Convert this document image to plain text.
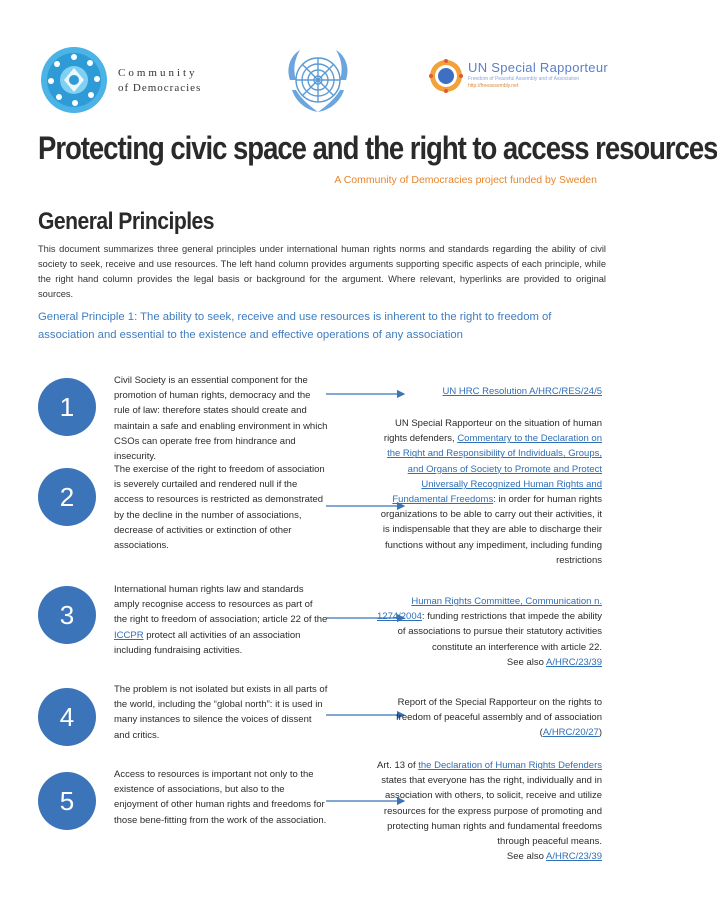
Community
of Democracies
UN Special Rapporteur
Freedom of Peaceful Assembly and of Association
http://freeassembly.net
Protecting civic space and the right to access resources
A Community of Democracies project funded by Sweden
General Principles

This document summarizes three general principles under international human rights norms and standards regarding the ability of civil society to seek, receive and use resources. The left hand column provides arguments supporting specific aspects of each principle, while the right hand column provides the legal basis or background for the argument. Where relevant, hyperlinks are provided to original sources.

General Principle 1: The ability to seek, receive and use resources is inherent to the right to freedom of association and essential to the existence and effective operations of any association

1

Civil Society is an essential component for the promotion of human rights, democracy and the rule of law: therefore states should create and maintain a safe and enabling environment in which CSOs can operate free from hindrance and insecurity.

UN HRC Resolution A/HRC/RES/24/5

2

The exercise of the right to freedom of association is severely curtailed and rendered null if the access to resources is restricted as demonstrated by the decline in the number of associations, decrease of activities or extinction of other associations.

UN Special Rapporteur on the situation of human rights defenders, Commentary to the Declaration on the Right and Responsibility of Individuals, Groups, and Organs of Society to Promote and Protect Universally Recognized Human Rights and Fundamental Freedoms: in order for human rights organizations to be able to carry out their activities, it is indispensable that they are able to discharge their functions without any impediment, including funding restrictions

3

International human rights law and standards amply recognise access to resources as part of the right to freedom of association; article 22 of the ICCPR protect all activities of an association including fundraising activities.

Human Rights Committee, Communication n. 1274/2004: funding restrictions that impede the ability of associations to pursue their statutory activities constitute an interference with article 22.
See also A/HRC/23/39

4

The problem is not isolated but exists in all parts of the world, including the “global north”: it is used in many instances to silence the voices of dissent and critics.

Report of the Special Rapporteur on the rights to freedom of peaceful assembly and of association
(A/HRC/20/27)

5

Access to resources is important not only to the existence of associations, but also to the enjoyment of other human rights and freedoms for those bene-fitting from the work of the association.

Art. 13 of the Declaration of Human Rights Defenders states that everyone has the right, individually and in association with others, to solicit, receive and utilize resources for the express purpose of promoting and protecting human rights and fundamental freedoms through peaceful means.
See also A/HRC/23/39
